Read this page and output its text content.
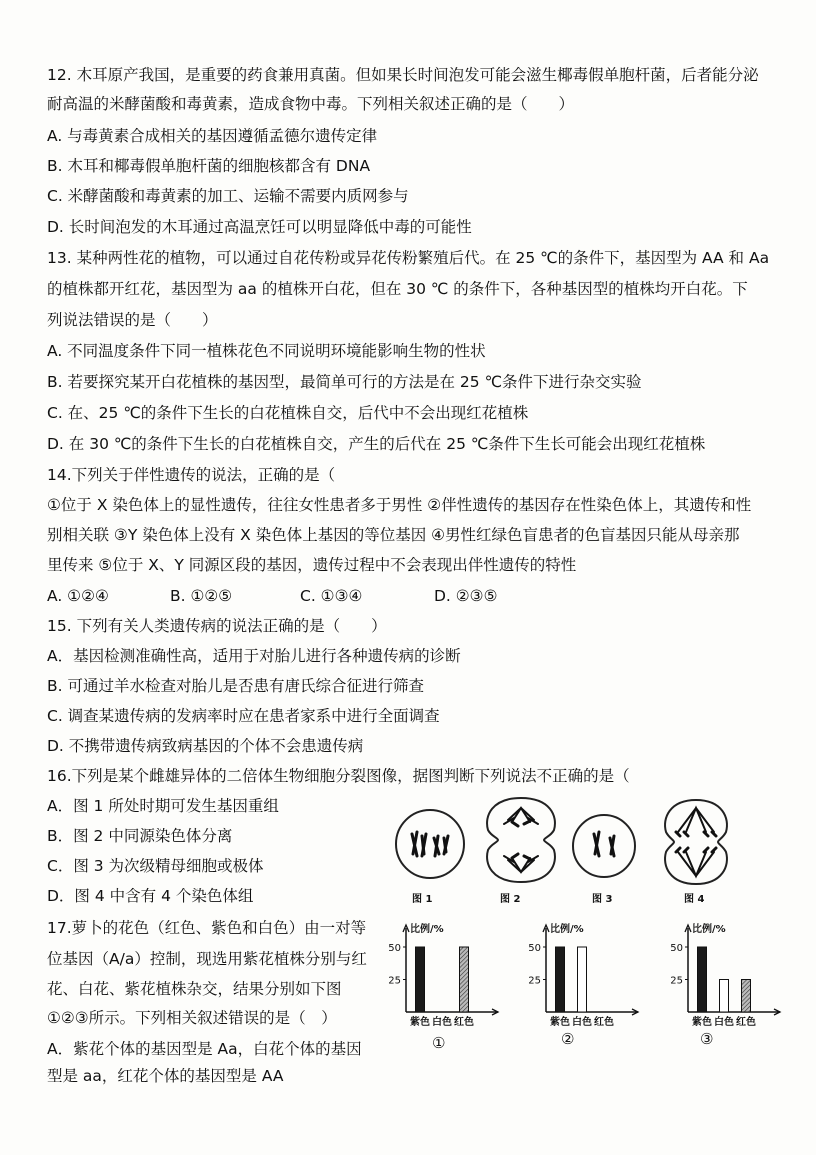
12. 木耳原产我国，是重要的药食兼用真菌。但如果长时间泡发可能会滋生椰毒假单胞杆菌，后者能分泌
耐高温的米酵菌酸和毒黄素，造成食物中毒。下列相关叙述正确的是（　　）
A. 与毒黄素合成相关的基因遵循孟德尔遗传定律
B. 木耳和椰毒假单胞杆菌的细胞核都含有 DNA
C. 米酵菌酸和毒黄素的加工、运输不需要内质网参与
D. 长时间泡发的木耳通过高温烹饪可以明显降低中毒的可能性
13. 某种两性花的植物，可以通过自花传粉或异花传粉繁殖后代。在 25 ℃的条件下，基因型为 AA 和 Aa
的植株都开红花，基因型为 aa 的植株开白花，但在 30 ℃ 的条件下，各种基因型的植株均开白花。下
列说法错误的是（　　）
A. 不同温度条件下同一植株花色不同说明环境能影响生物的性状
B. 若要探究某开白花植株的基因型，最简单可行的方法是在 25 ℃条件下进行杂交实验
C. 在、25 ℃的条件下生长的白花植株自交，后代中不会出现红花植株
D. 在 30 ℃的条件下生长的白花植株自交，产生的后代在 25 ℃条件下生长可能会出现红花植株
14.下列关于伴性遗传的说法，正确的是（
①位于 X 染色体上的显性遗传，往往女性患者多于男性 ②伴性遗传的基因存在性染色体上，其遗传和性
别相关联 ③Y 染色体上没有 X 染色体上基因的等位基因 ④男性红绿色盲患者的色盲基因只能从母亲那
里传来 ⑤位于 X、Y 同源区段的基因，遗传过程中不会表现出伴性遗传的特性
A. ①②④	B. ①②⑤	C. ①③④	D. ②③⑤
15. 下列有关人类遗传病的说法正确的是（　　）
A．基因检测准确性高，适用于对胎儿进行各种遗传病的诊断
B. 可通过羊水检查对胎儿是否患有唐氏综合征进行筛查
C. 调查某遗传病的发病率时应在患者家系中进行全面调查
D. 不携带遗传病致病基因的个体不会患遗传病
16.下列是某个雌雄异体的二倍体生物细胞分裂图像，据图判断下列说法不正确的是（
A．图 1 所处时期可发生基因重组
B．图 2 中同源染色体分离
C．图 3 为次级精母细胞或极体
D．图 4 中含有 4 个染色体组	图 1	图 2	图 3	图 4
17.萝卜的花色（红色、紫色和白色）由一对等
位基因（A/a）控制，现选用紫花植株分别与红
花、白花、紫花植株杂交，结果分别如下图
①②③所示。下列相关叙述错误的是（　）
A．紫花个体的基因型是 Aa，白花个体的基因
型是 aa，红花个体的基因型是 AA
比例/%
25
50
紫色 白色 红色
比例/%
25
50
紫色 白色 红色
比例/%
25
50
紫色 白色 红色
①	②	③
